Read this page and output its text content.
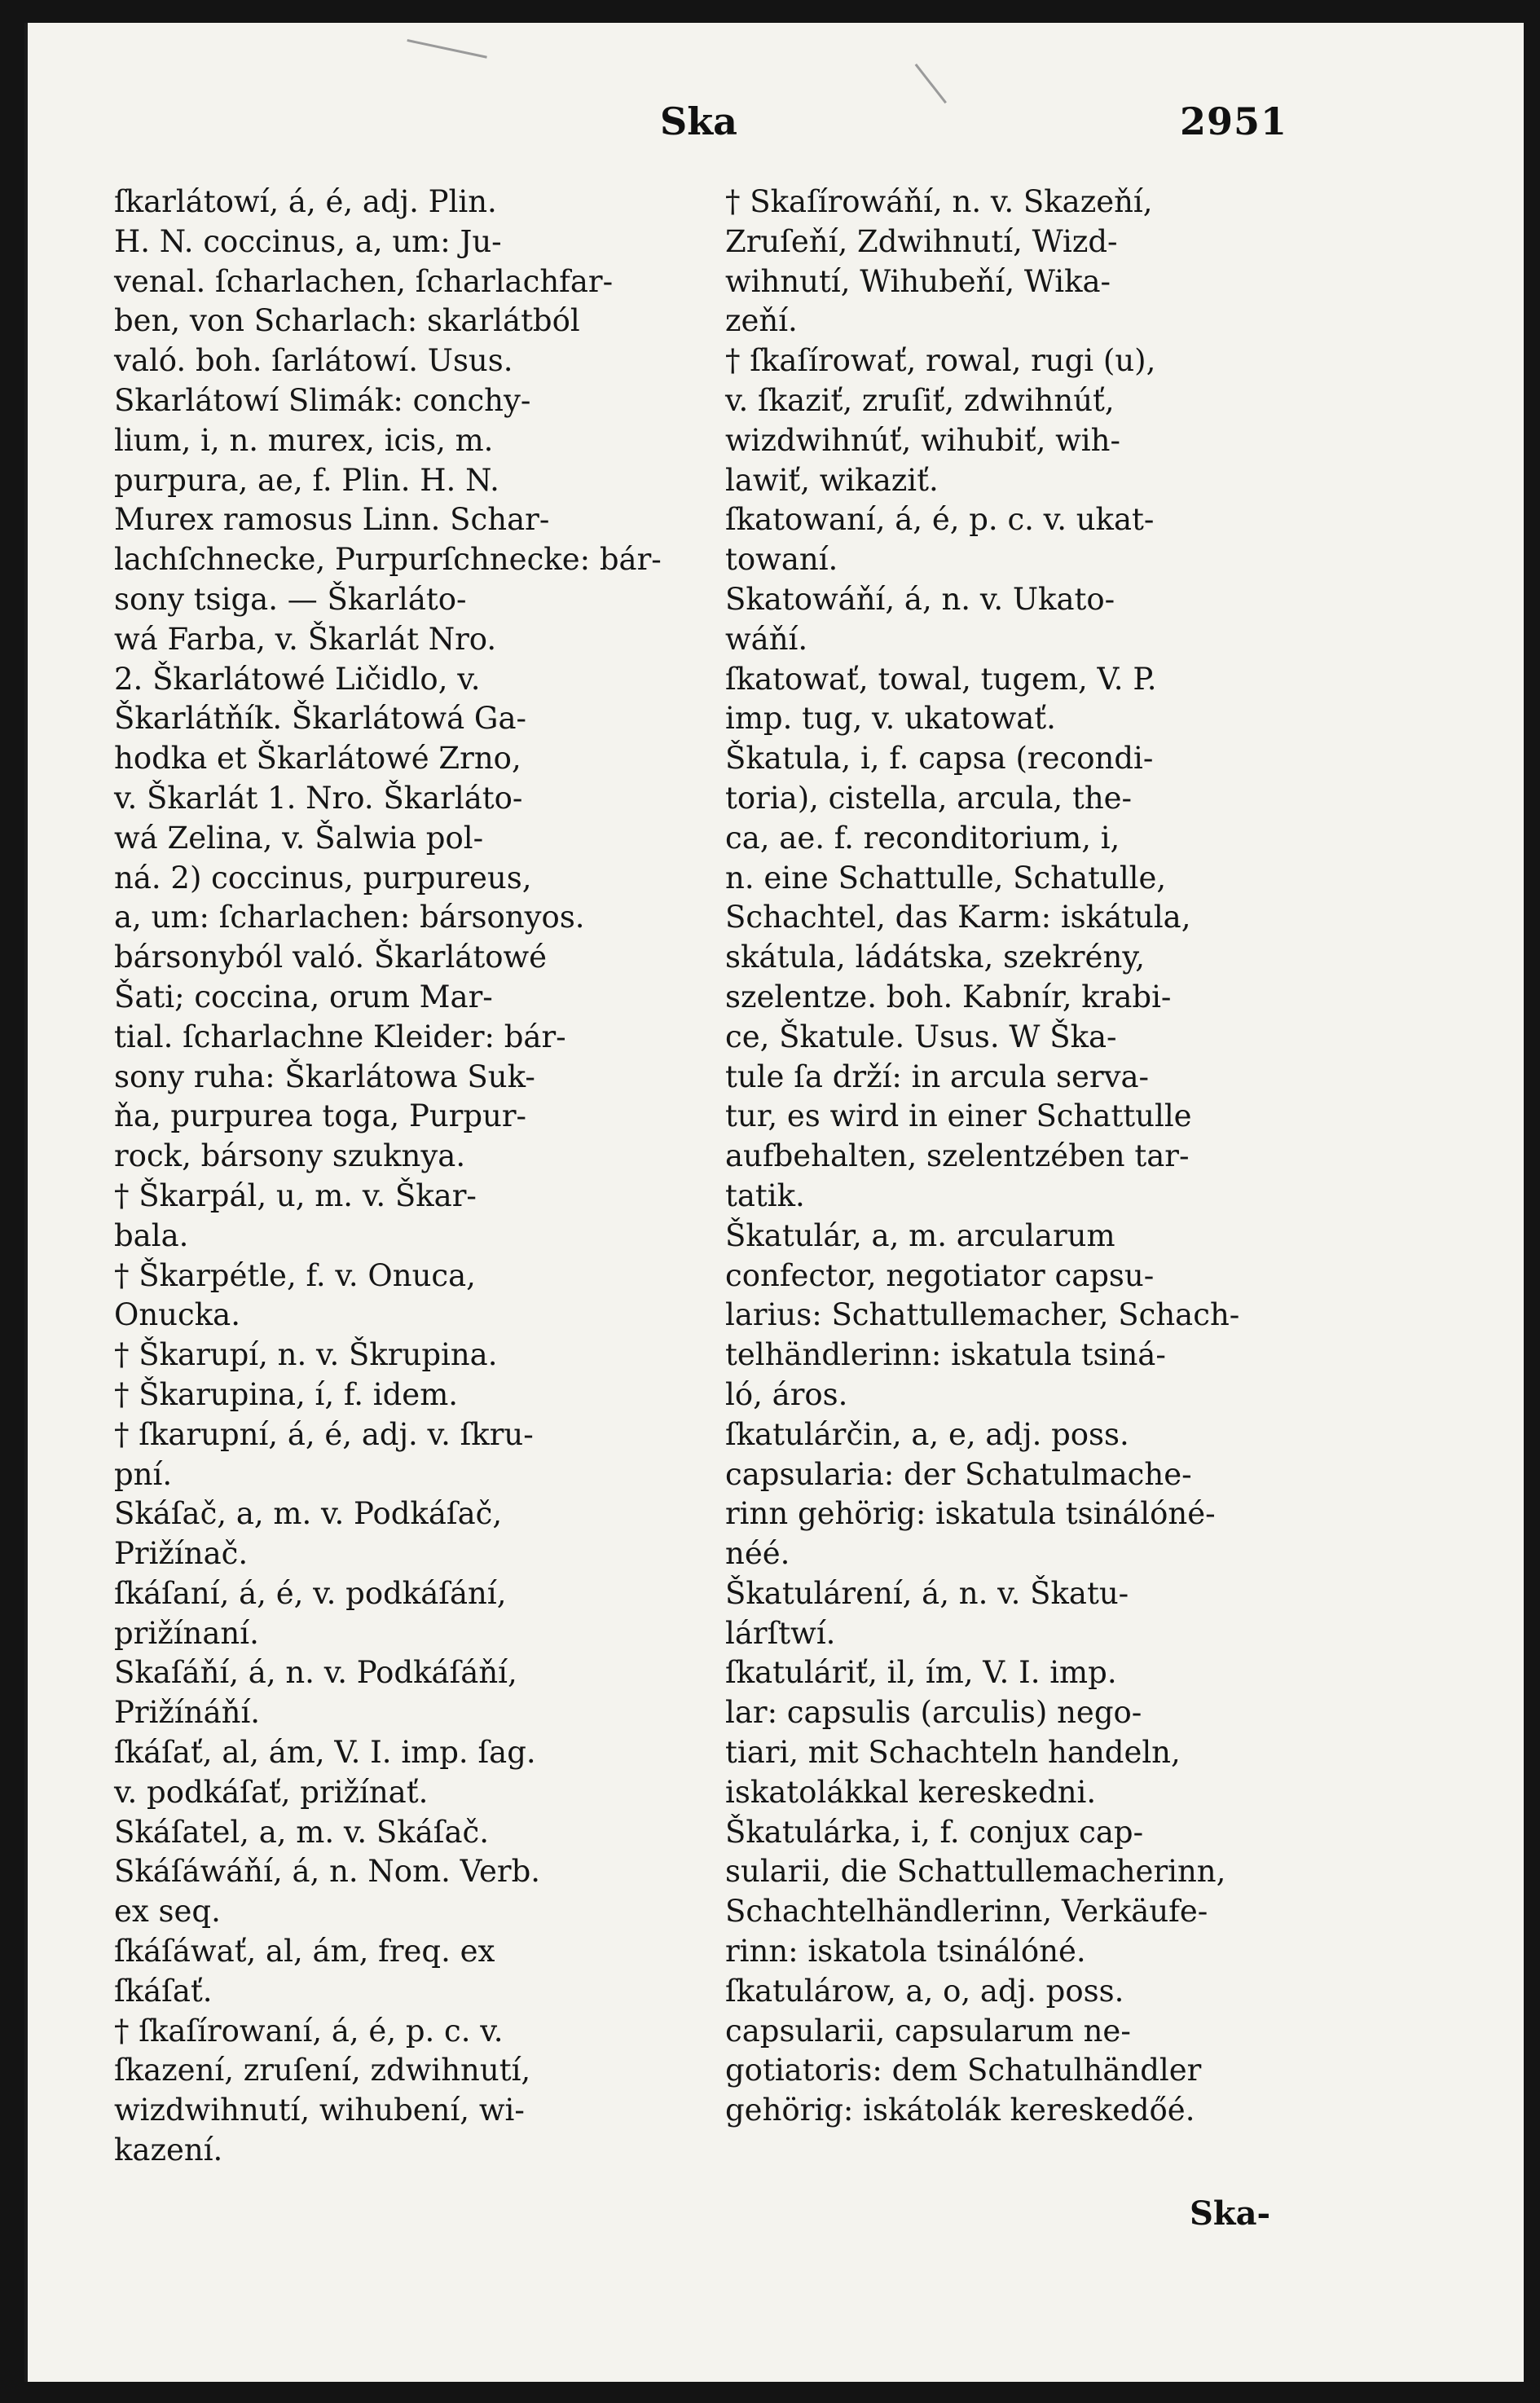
Ska	2951
ſkarlátowí, á, é, adj. Plin.
H. N. coccinus, a, um: Ju-
venal. ſcharlachen, ſcharlachfar-
ben, von Scharlach: skarlátból
való. boh. ſarlátowí. Usus.
Skarlátowí Slimák: conchy-
lium, i, n. murex, icis, m.
purpura, ae, f. Plin. H. N.
Murex ramosus Linn. Schar-
lachſchnecke, Purpurſchnecke: bár-
sony tsiga. — Škarláto-
wá Farba, v. Škarlát Nro.
2. Škarlátowé Ličidlo, v.
Škarlátňík. Škarlátowá Ga-
hodka et Škarlátowé Zrno,
v. Škarlát 1. Nro. Škarláto-
wá Zelina, v. Šalwia pol-
ná. 2) coccinus, purpureus,
a, um: ſcharlachen: bársonyos.
bársonyból való. Škarlátowé
Šati; coccina, orum Mar-
tial. ſcharlachne Kleider: bár-
sony ruha: Škarlátowa Suk-
ňa, purpurea toga, Purpur-
rock, bársony szuknya.
† Škarpál, u, m. v. Škar-
bala.
† Škarpétle, f. v. Onuca,
Onucka.
† Škarupí, n. v. Škrupina.
† Škarupina, í, f. idem.
† ſkarupní, á, é, adj. v. ſkru-
pní.
Skáſač, a, m. v. Podkáſač,
Prižínač.
ſkáſaní, á, é, v. podkáſání,
prižínaní.
Skaſáňí, á, n. v. Podkáſáňí,
Prižínáňí.
ſkáſať, al, ám, V. I. imp. ſag.
v. podkáſať, prižínať.
Skáſatel, a, m. v. Skáſač.
Skáſáwáňí, á, n. Nom. Verb.
ex seq.
ſkáſáwať, al, ám, freq. ex
ſkáſať.
† ſkaſírowaní, á, é, p. c. v.
ſkazení, zruſení, zdwihnutí,
wizdwihnutí, wihubení, wi-
kazení.
† Skaſírowáňí, n. v. Skazeňí,
Zruſeňí, Zdwihnutí, Wizd-
wihnutí, Wihubeňí, Wika-
zeňí.
† ſkaſírowať, rowal, rugi (u),
v. ſkaziť, zruſiť, zdwihnúť,
wizdwihnúť, wihubiť, wih-
lawiť, wikaziť.
ſkatowaní, á, é, p. c. v. ukat-
towaní.
Skatowáňí, á, n. v. Ukato-
wáňí.
ſkatowať, towal, tugem, V. P.
imp. tug, v. ukatowať.
Škatula, i, f. capsa (recondi-
toria), cistella, arcula, the-
ca, ae. f. reconditorium, i,
n. eine Schattulle, Schatulle,
Schachtel, das Karm: iskátula,
skátula, ládátska, szekrény,
szelentze. boh. Kabnír, krabi-
ce, Škatule. Usus. W Ška-
tule ſa drží: in arcula serva-
tur, es wird in einer Schattulle
aufbehalten, szelentzében tar-
tatik.
Škatulár, a, m. arcularum
confector, negotiator capsu-
larius: Schattullemacher, Schach-
telhändlerinn: iskatula tsiná-
ló, áros.
ſkatulárčin, a, e, adj. poss.
capsularia: der Schatulmache-
rinn gehörig: iskatula tsinálóné-
néé.
Škatulárení, á, n. v. Škatu-
lárſtwí.
ſkatuláriť, il, ím, V. I. imp.
lar: capsulis (arculis) nego-
tiari, mit Schachteln handeln,
iskatolákkal kereskedni.
Škatulárka, i, f. conjux cap-
sularii, die Schattullemacherinn,
Schachtelhändlerinn, Verkäufe-
rinn: iskatola tsinálóné.
ſkatulárow, a, o, adj. poss.
capsularii, capsularum ne-
gotiatoris: dem Schatulhändler
gehörig: iskátolák kereskedőé.
Ska-
